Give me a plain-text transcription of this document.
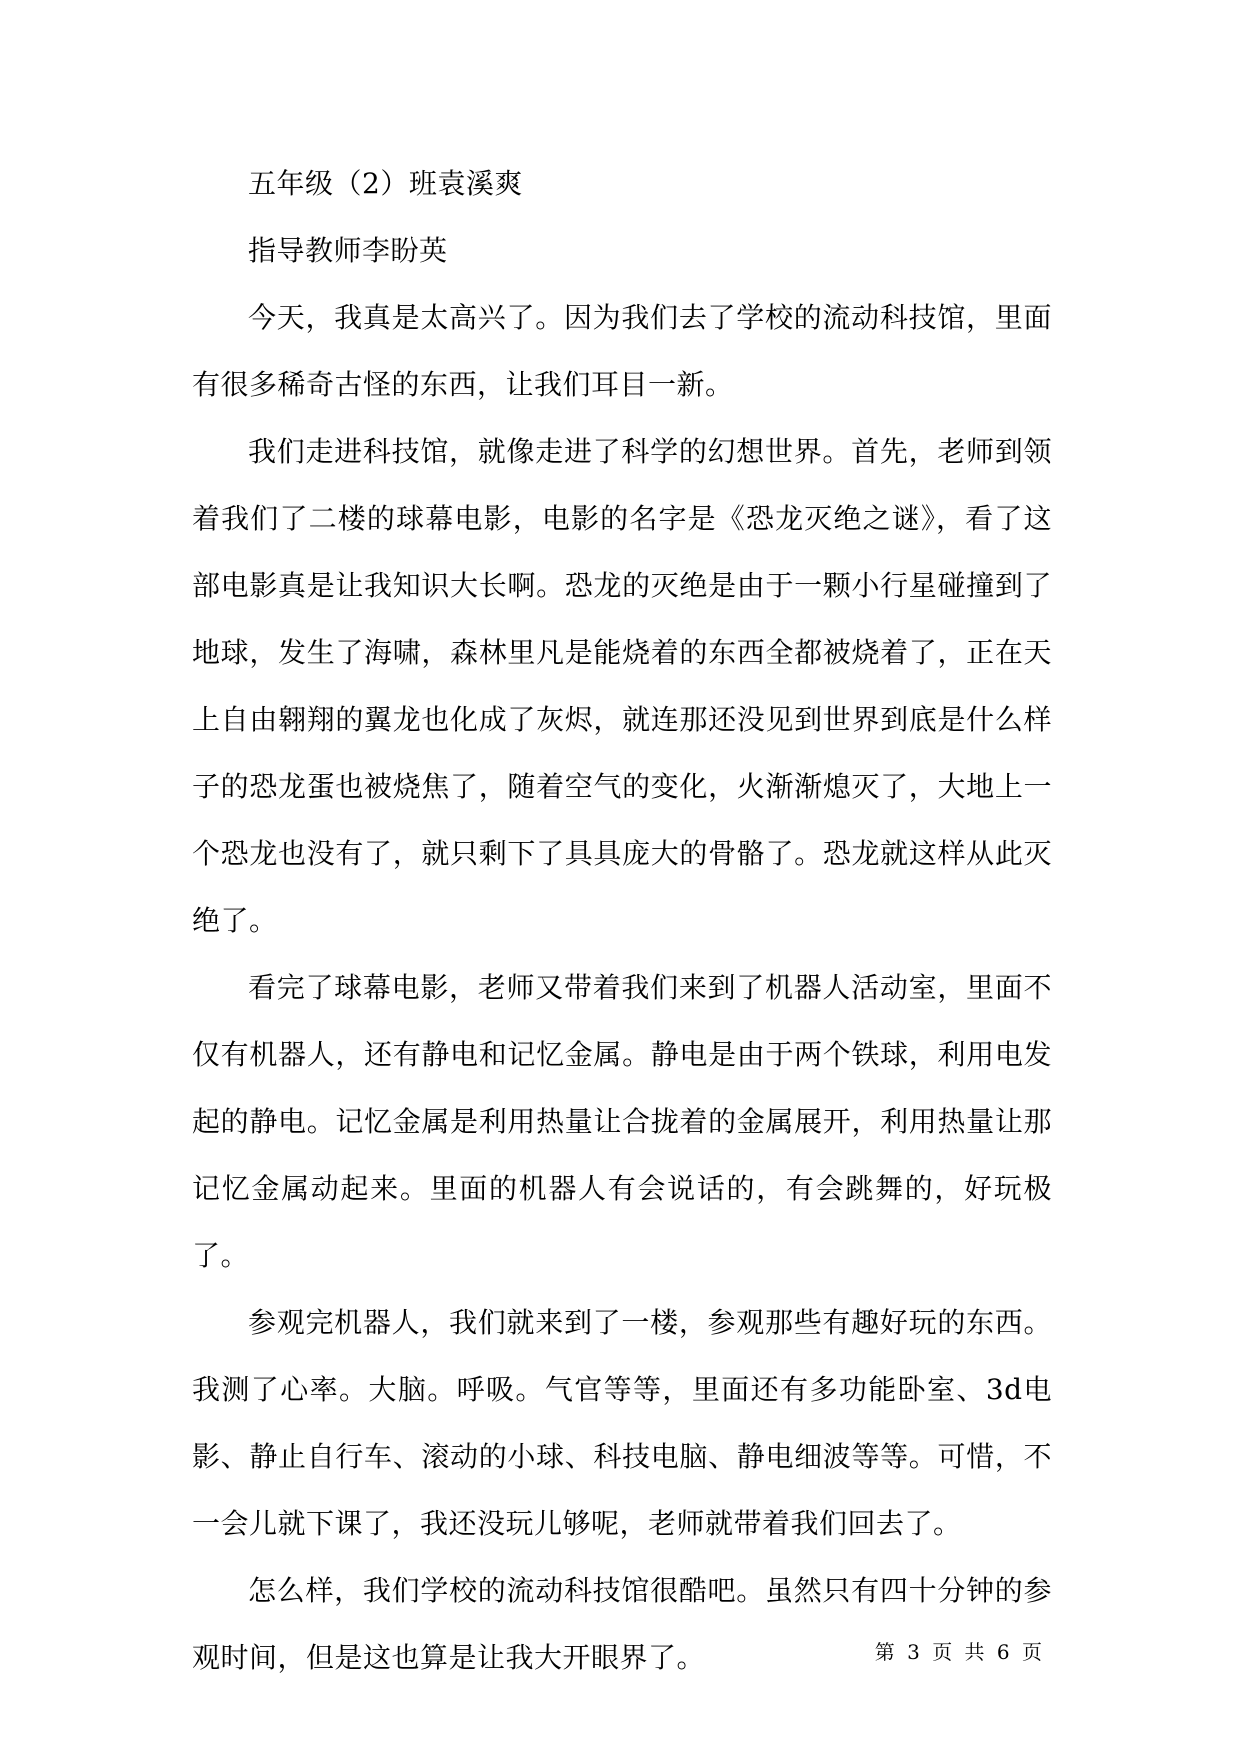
五年级（2）班袁溪爽

指导教师李盼英

今天，我真是太高兴了。因为我们去了学校的流动科技馆，里面有很多稀奇古怪的东西，让我们耳目一新。

我们走进科技馆，就像走进了科学的幻想世界。首先，老师到领着我们了二楼的球幕电影，电影的名字是《恐龙灭绝之谜》，看了这部电影真是让我知识大长啊。恐龙的灭绝是由于一颗小行星碰撞到了地球，发生了海啸，森林里凡是能烧着的东西全都被烧着了，正在天上自由翱翔的翼龙也化成了灰烬，就连那还没见到世界到底是什么样子的恐龙蛋也被烧焦了，随着空气的变化，火渐渐熄灭了，大地上一个恐龙也没有了，就只剩下了具具庞大的骨骼了。恐龙就这样从此灭绝了。

看完了球幕电影，老师又带着我们来到了机器人活动室，里面不仅有机器人，还有静电和记忆金属。静电是由于两个铁球，利用电发起的静电。记忆金属是利用热量让合拢着的金属展开，利用热量让那记忆金属动起来。里面的机器人有会说话的，有会跳舞的，好玩极了。

参观完机器人，我们就来到了一楼，参观那些有趣好玩的东西。我测了心率。大脑。呼吸。气官等等，里面还有多功能卧室、3d电影、静止自行车、滚动的小球、科技电脑、静电细波等等。可惜，不一会儿就下课了，我还没玩儿够呢，老师就带着我们回去了。

怎么样，我们学校的流动科技馆很酷吧。虽然只有四十分钟的参观时间，但是这也算是让我大开眼界了。	第 3 页 共 6 页
